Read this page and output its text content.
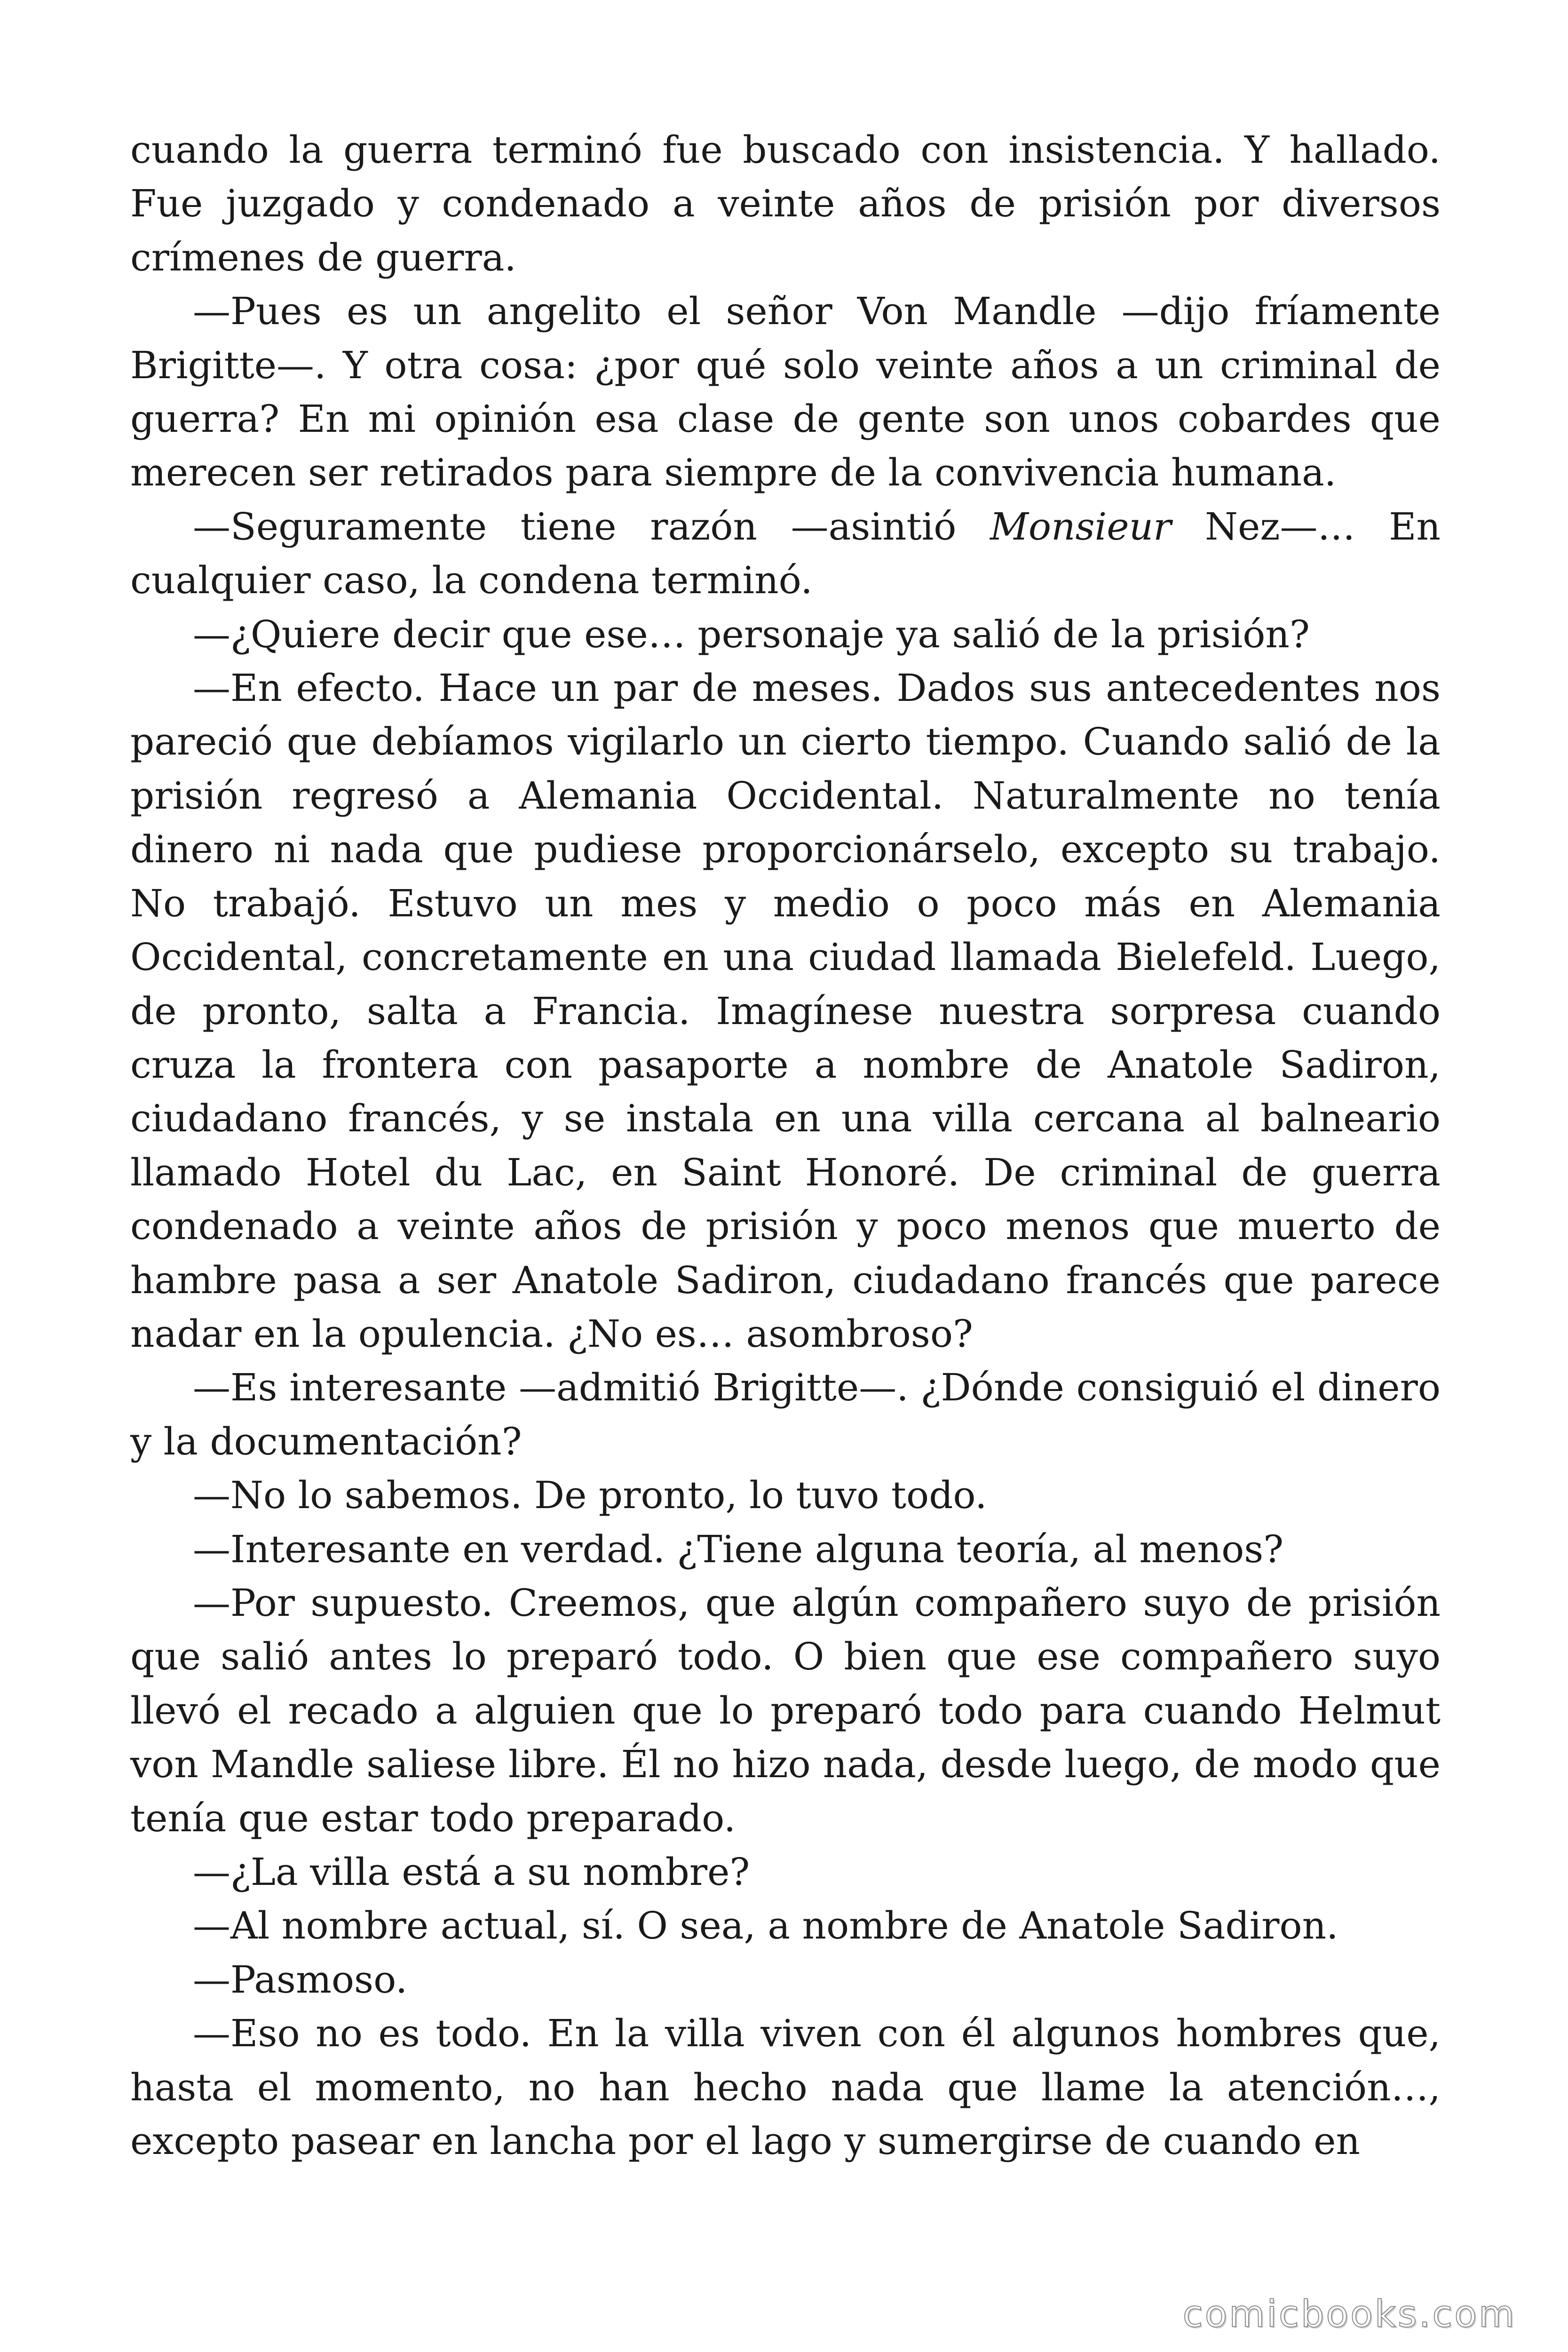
cuando la guerra terminó fue buscado con insistencia. Y hallado. Fue juzgado y condenado a veinte años de prisión por diversos crímenes de guerra.

—Pues es un angelito el señor Von Mandle —dijo fríamente Brigitte—. Y otra cosa: ¿por qué solo veinte años a un criminal de guerra? En mi opinión esa clase de gente son unos cobardes que merecen ser retirados para siempre de la convivencia humana.

—Seguramente tiene razón —asintió Monsieur Nez—… En cualquier caso, la condena terminó.

—¿Quiere decir que ese… personaje ya salió de la prisión?

—En efecto. Hace un par de meses. Dados sus antecedentes nos pareció que debíamos vigilarlo un cierto tiempo. Cuando salió de la prisión regresó a Alemania Occidental. Naturalmente no tenía dinero ni nada que pudiese proporcionárselo, excepto su trabajo. No trabajó. Estuvo un mes y medio o poco más en Alemania Occidental, concretamente en una ciudad llamada Bielefeld. Luego, de pronto, salta a Francia. Imagínese nuestra sorpresa cuando cruza la frontera con pasaporte a nombre de Anatole Sadiron, ciudadano francés, y se instala en una villa cercana al balneario llamado Hotel du Lac, en Saint Honoré. De criminal de guerra condenado a veinte años de prisión y poco menos que muerto de hambre pasa a ser Anatole Sadiron, ciudadano francés que parece nadar en la opulencia. ¿No es… asombroso?

—Es interesante —admitió Brigitte—. ¿Dónde consiguió el dinero y la documentación?

—No lo sabemos. De pronto, lo tuvo todo.

—Interesante en verdad. ¿Tiene alguna teoría, al menos?

—Por supuesto. Creemos, que algún compañero suyo de prisión que salió antes lo preparó todo. O bien que ese compañero suyo llevó el recado a alguien que lo preparó todo para cuando Helmut von Mandle saliese libre. Él no hizo nada, desde luego, de modo que tenía que estar todo preparado.

—¿La villa está a su nombre?

—Al nombre actual, sí. O sea, a nombre de Anatole Sadiron.

—Pasmoso.

—Eso no es todo. En la villa viven con él algunos hombres que, hasta el momento, no han hecho nada que llame la atención…, excepto pasear en lancha por el lago y sumergirse de cuando en

comicbooks.com
